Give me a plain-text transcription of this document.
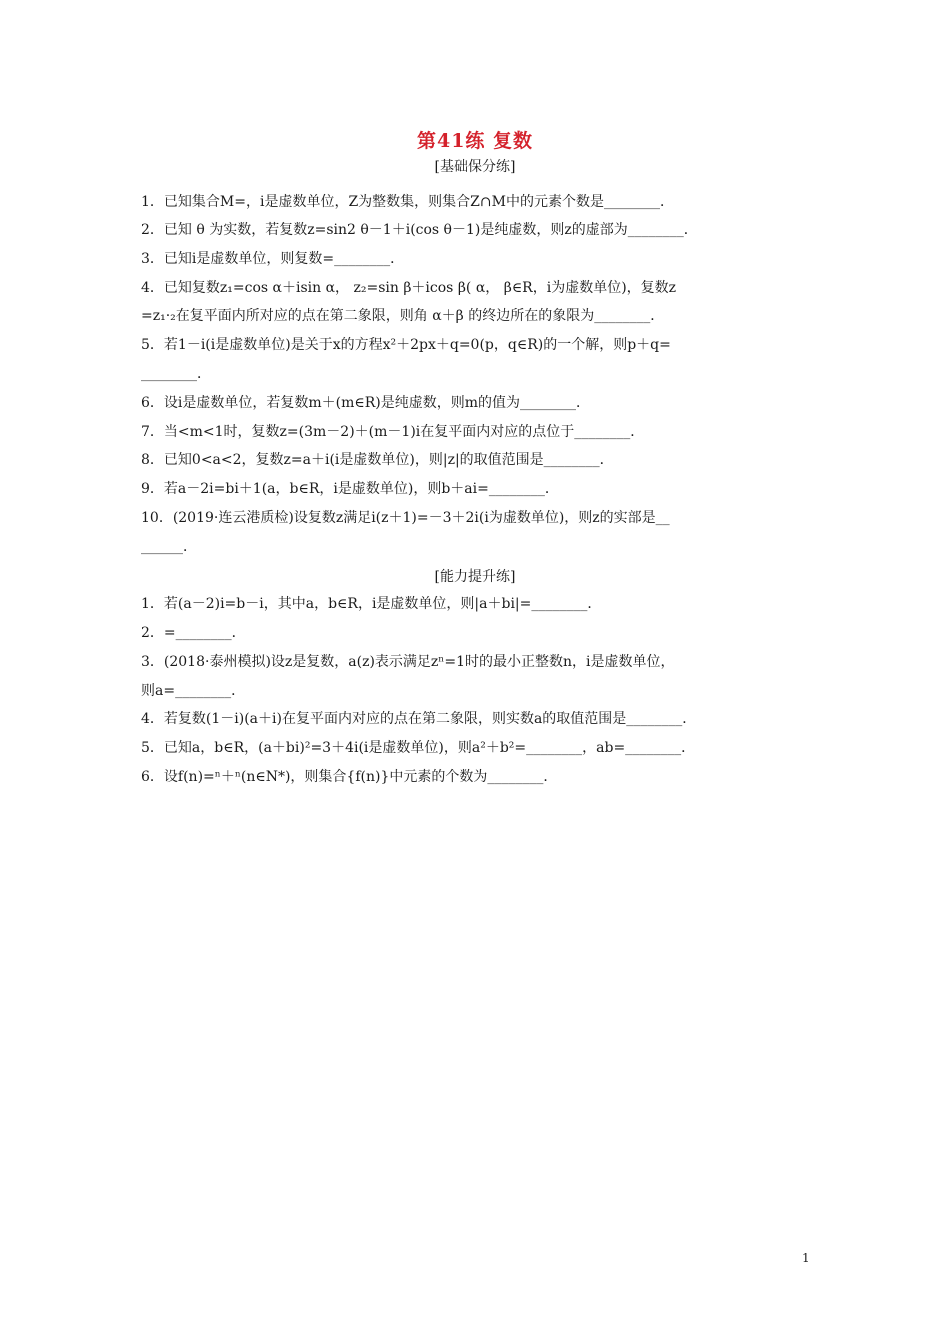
第41练 复数
[基础保分练]
1．已知集合M=，i是虚数单位，Z为整数集，则集合Z∩M中的元素个数是________．
2．已知 θ 为实数，若复数z=sin2 θ－1＋i(cos θ－1)是纯虚数，则z的虚部为________．
3．已知i是虚数单位，则复数=________．
4．已知复数z₁=cos α＋isin α， z₂=sin β＋icos β( α， β∈R，i为虚数单位)，复数z
=z₁·₂在复平面内所对应的点在第二象限，则角 α＋β 的终边所在的象限为________．
5．若1－i(i是虚数单位)是关于x的方程x²＋2px＋q=0(p，q∈R)的一个解，则p＋q=
________．
6．设i是虚数单位，若复数m＋(m∈R)是纯虚数，则m的值为________．
7．当<m<1时，复数z=(3m－2)＋(m－1)i在复平面内对应的点位于________．
8．已知0<a<2，复数z=a＋i(i是虚数单位)，则|z|的取值范围是________．
9．若a－2i=bi＋1(a，b∈R，i是虚数单位)，则b＋ai=________．
10．(2019·连云港质检)设复数z满足i(z＋1)=－3＋2i(i为虚数单位)，则z的实部是__
______．
[能力提升练]
1．若(a－2)i=b－i，其中a，b∈R，i是虚数单位，则|a＋bi|=________．
2．=________．
3．(2018·泰州模拟)设z是复数，a(z)表示满足zⁿ=1时的最小正整数n，i是虚数单位，
则a=________．
4．若复数(1－i)(a＋i)在复平面内对应的点在第二象限，则实数a的取值范围是________．
5．已知a，b∈R，(a＋bi)²=3＋4i(i是虚数单位)，则a²＋b²=________，ab=________．
6．设f(n)=ⁿ＋ⁿ(n∈N*)，则集合{f(n)}中元素的个数为________．
1
